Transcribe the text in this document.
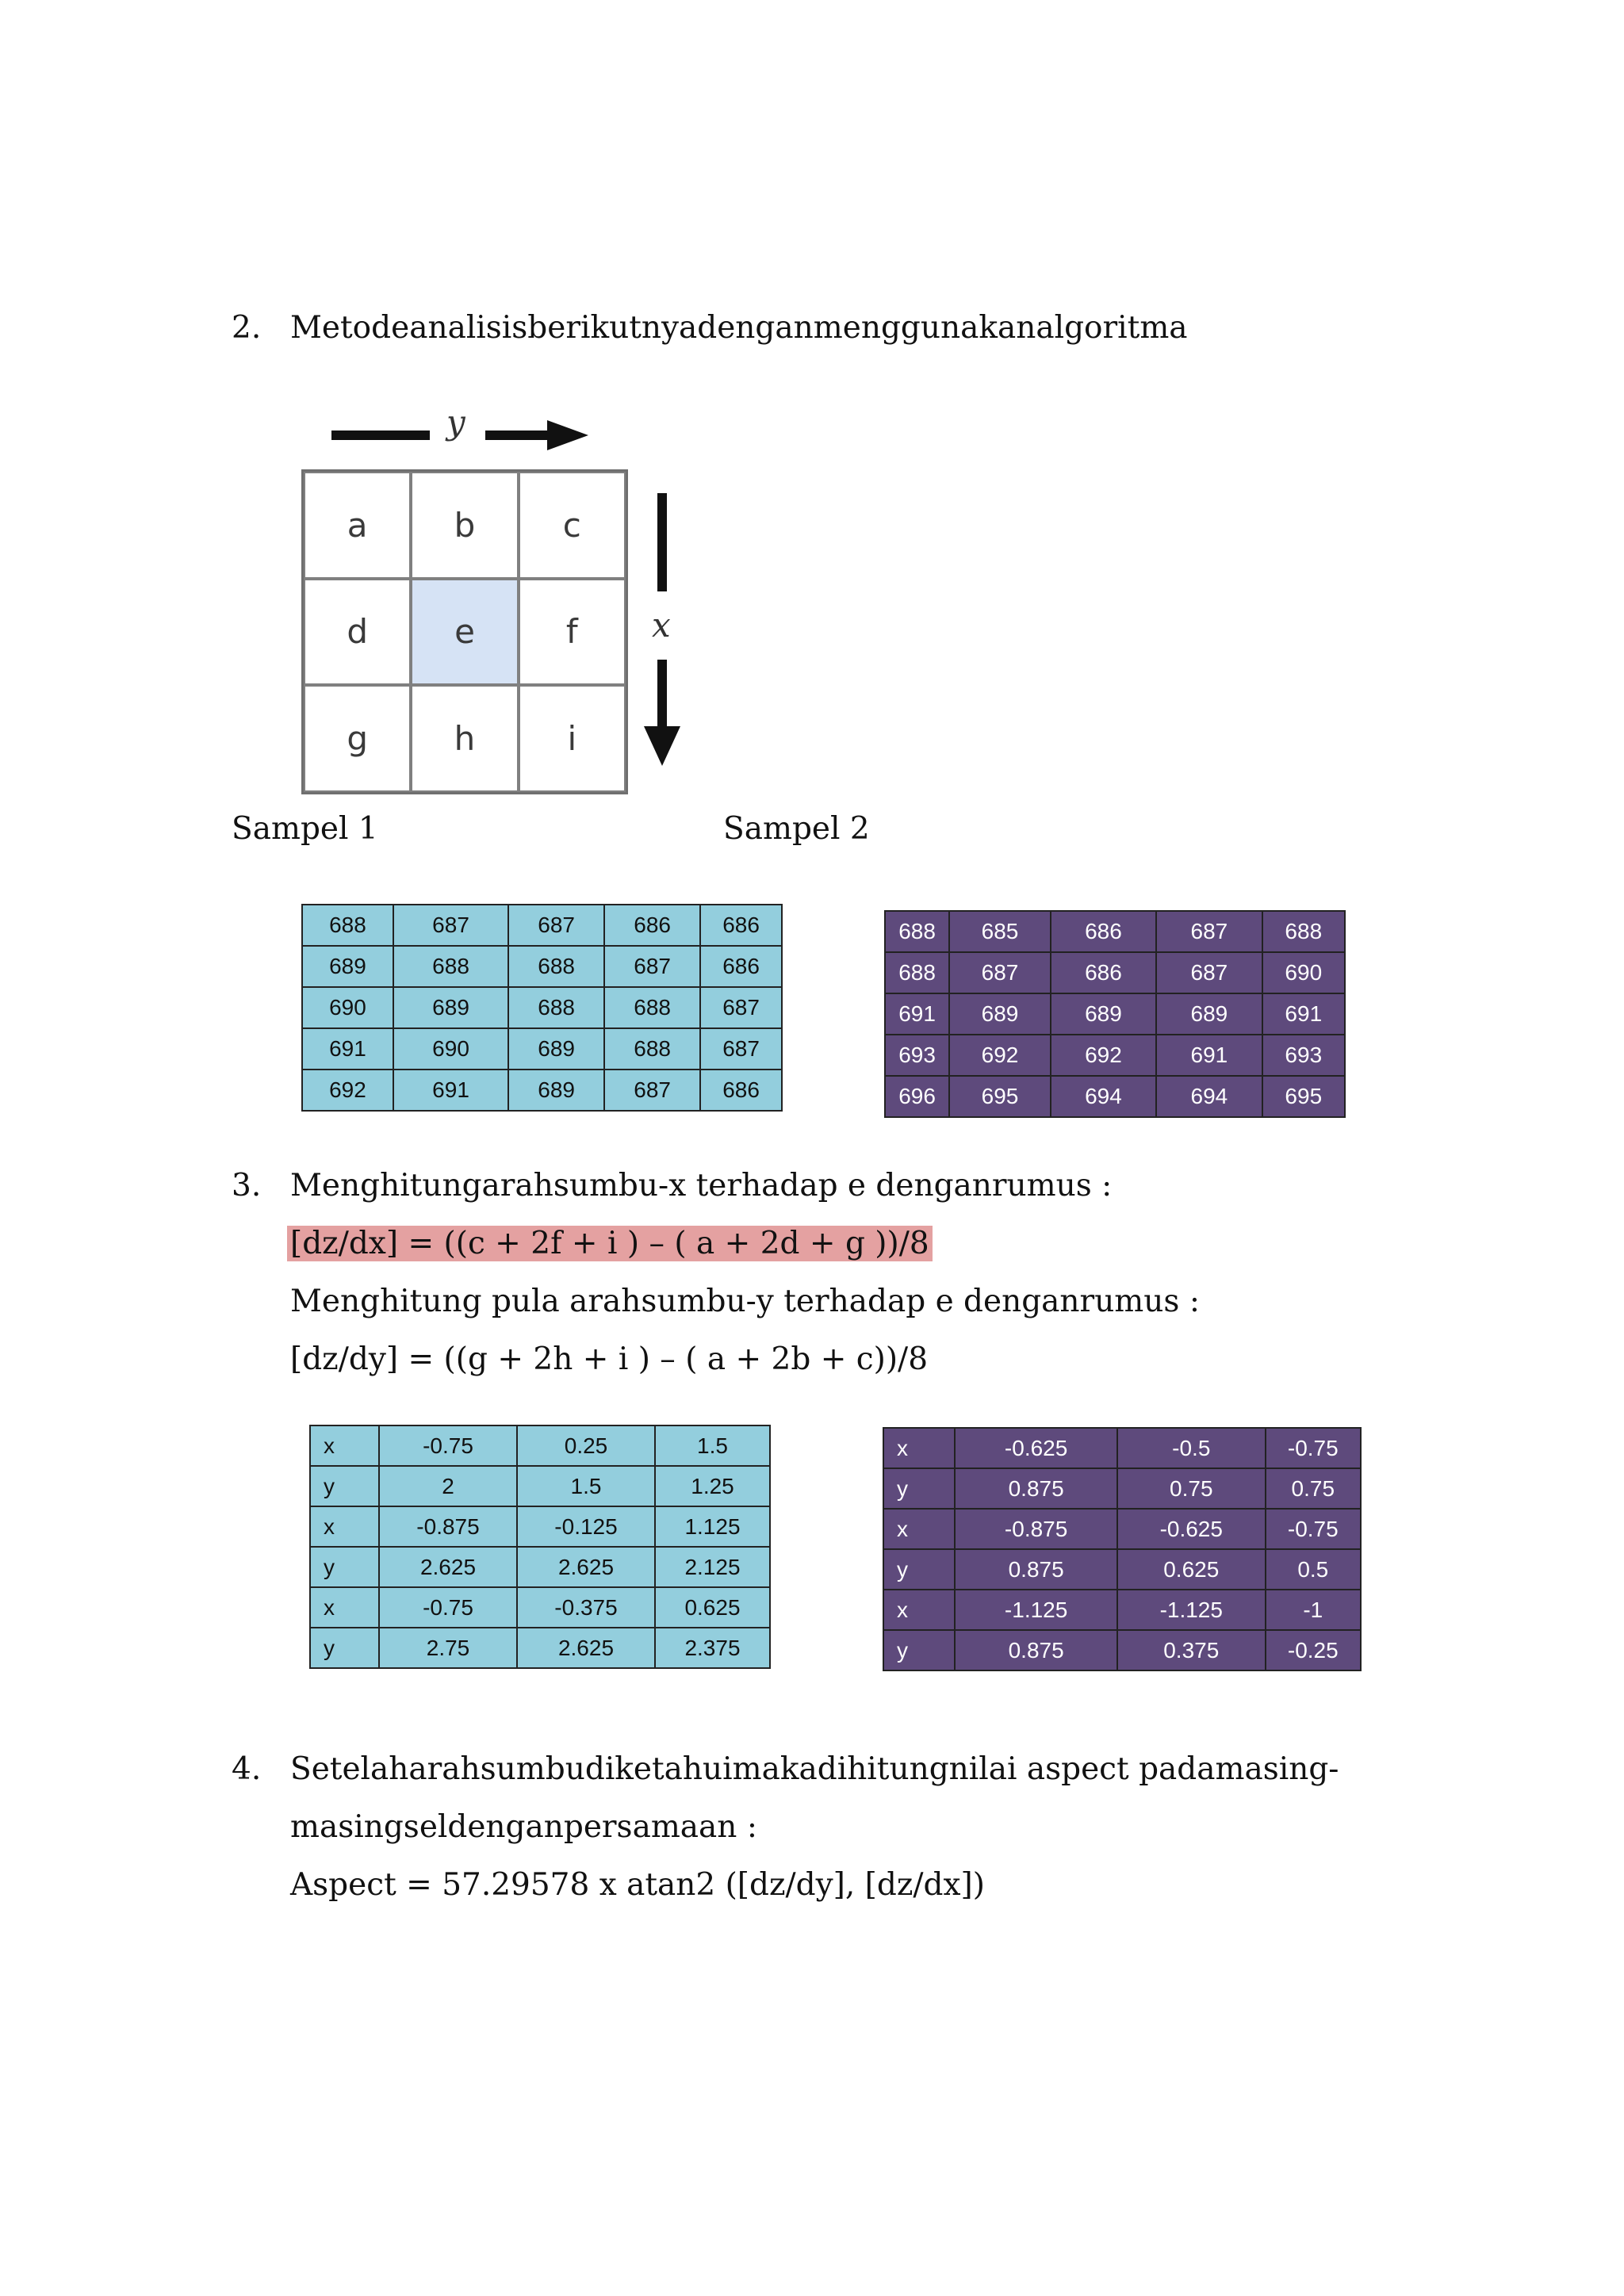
2. Metodeanalisisberikutnyadenganmenggunakanalgoritma
y
a	b	c
d	e	f
g	h	i
x
Sampel 1	Sampel 2
688	687	687	686	686
689	688	688	687	686
690	689	688	688	687
691	690	689	688	687
692	691	689	687	686
688	685	686	687	688
688	687	686	687	690
691	689	689	689	691
693	692	692	691	693
696	695	694	694	695
3. Menghitungarahsumbu-x terhadap e denganrumus :
[dz/dx] = ((c + 2f + i ) – ( a + 2d + g ))/8
Menghitung pula arahsumbu-y terhadap e denganrumus :
[dz/dy] = ((g + 2h + i ) – ( a + 2b + c))/8
x	-0.75	0.25	1.5
y	2	1.5	1.25
x	-0.875	-0.125	1.125
y	2.625	2.625	2.125
x	-0.75	-0.375	0.625
y	2.75	2.625	2.375
x	-0.625	-0.5	-0.75
y	0.875	0.75	0.75
x	-0.875	-0.625	-0.75
y	0.875	0.625	0.5
x	-1.125	-1.125	-1
y	0.875	0.375	-0.25
4. Setelaharahsumbudiketahuimakadihitungnilai aspect padamasing-
masingseldenganpersamaan :
Aspect = 57.29578 x atan2 ([dz/dy], [dz/dx])
